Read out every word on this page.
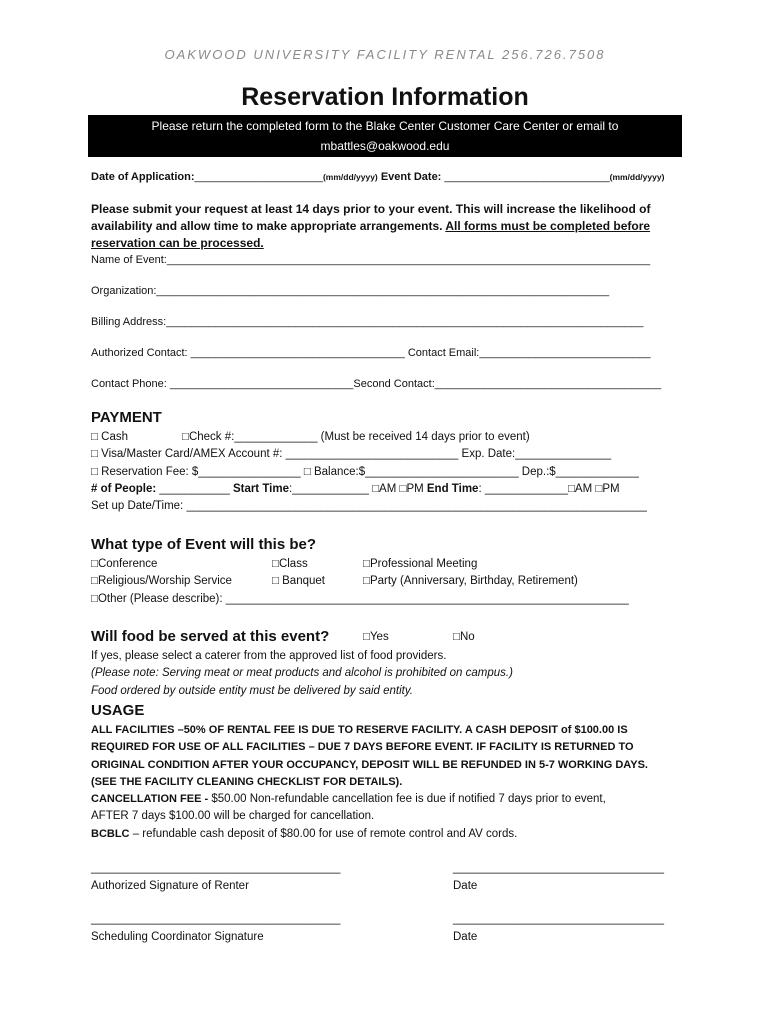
OAKWOOD UNIVERSITY FACILITY RENTAL 256.726.7508
Reservation Information
Please return the completed form to the Blake Center Customer Care Center or email to
mbattles@oakwood.edu
Date of Application:_____________________(mm/dd/yyyy) Event Date: ___________________________(mm/dd/yyyy)
Please submit your request at least 14 days prior to your event. This will increase the likelihood of
availability and allow time to make appropriate arrangements. All forms must be completed before
reservation can be processed.
Name of Event:_______________________________________________________________________________
Organization:__________________________________________________________________________
Billing Address:______________________________________________________________________________
Authorized Contact: ___________________________________ Contact Email:____________________________
Contact Phone: ______________________________Second Contact:_____________________________________
PAYMENT
□ Cash	□Check #:_____________ (Must be received 14 days prior to event)
□ Visa/Master Card/AMEX Account #: ___________________________ Exp. Date:_______________
□ Reservation Fee: $________________ □ Balance:$________________________ Dep.:$_____________
# of People: ___________ Start Time:____________ □AM □PM End Time: _____________□AM □PM
Set up Date/Time: ________________________________________________________________________
What type of Event will this be?
□Conference	□Class	□Professional Meeting
□Religious/Worship Service	□ Banquet	□Party (Anniversary, Birthday, Retirement)
□Other (Please describe): _______________________________________________________________
Will food be served at this event?	□Yes	□No
If yes, please select a caterer from the approved list of food providers.
(Please note: Serving meat or meat products and alcohol is prohibited on campus.)
Food ordered by outside entity must be delivered by said entity.
USAGE
ALL FACILITIES –50% OF RENTAL FEE IS DUE TO RESERVE FACILITY. A CASH DEPOSIT of $100.00 IS
REQUIRED FOR USE OF ALL FACILITIES – DUE 7 DAYS BEFORE EVENT. IF FACILITY IS RETURNED TO
ORIGINAL CONDITION AFTER YOUR OCCUPANCY, DEPOSIT WILL BE REFUNDED IN 5-7 WORKING DAYS.
(SEE THE FACILITY CLEANING CHECKLIST FOR DETAILS).
CANCELLATION FEE - $50.00 Non-refundable cancellation fee is due if notified 7 days prior to event,
AFTER 7 days $100.00 will be charged for cancellation.
BCBLC – refundable cash deposit of $80.00 for use of remote control and AV cords.
_______________________________________	_________________________________
Authorized Signature of Renter	Date
_______________________________________	_________________________________
Scheduling Coordinator Signature	Date
